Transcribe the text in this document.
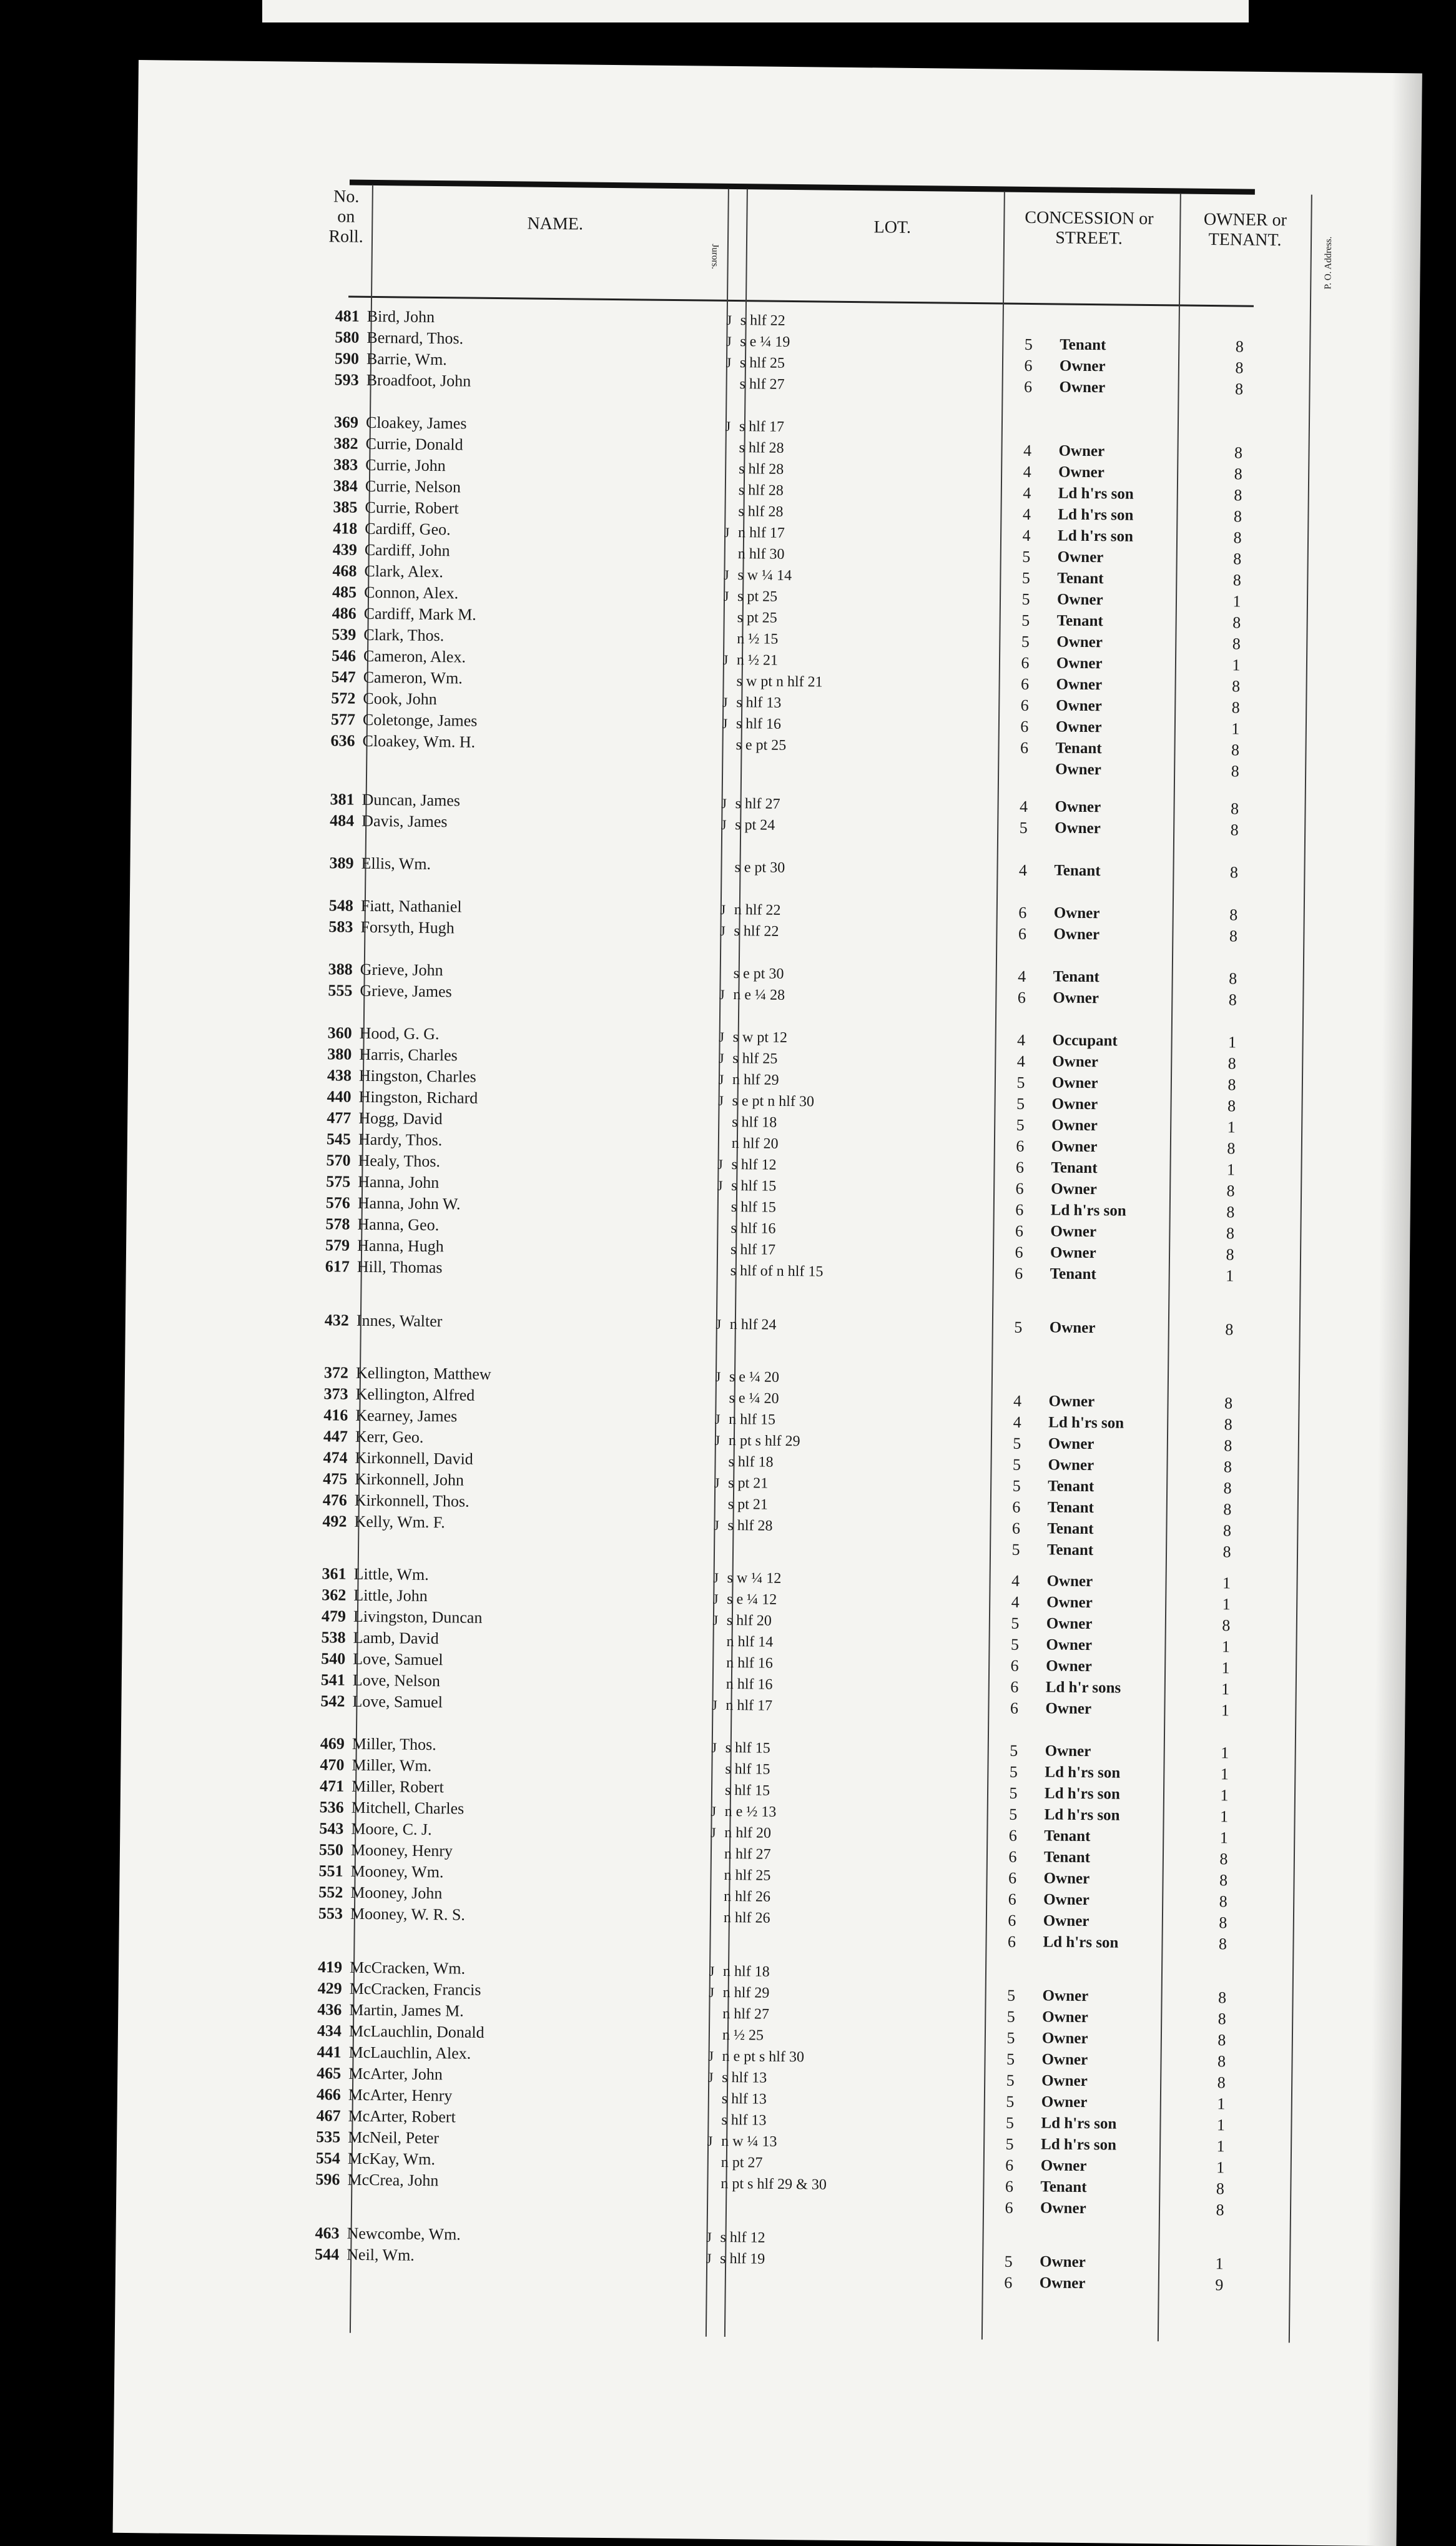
No. on Roll.
NAME.
Jurors.
LOT.	CONCESSION or STREET.
OWNER or TENANT.	P. O. Address.
481 Bird, John	J s hlf 22
580 Bernard, Thos.	J s e ¼ 19	5	Tenant	8
590 Barrie, Wm.	J s hlf 25	6	Owner	8
593 Broadfoot, John	s hlf 27	6	Owner	8
369 Cloakey, James	J s hlf 17
382 Currie, Donald	s hlf 28	4	Owner	8
383 Currie, John	s hlf 28	4	Owner	8
384 Currie, Nelson	s hlf 28	4	Ld h'rs son	8
385 Currie, Robert	s hlf 28	4	Ld h'rs son	8
418 Cardiff, Geo.	J n hlf 17	4	Ld h'rs son	8
439 Cardiff, John	n hlf 30	5	Owner	8
468 Clark, Alex.	J s w ¼ 14	5	Tenant	8
485 Connon, Alex.	J s pt 25	5	Owner	1
486 Cardiff, Mark M.	s pt 25	5	Tenant	8
539 Clark, Thos.	n ½ 15	5	Owner	8
546 Cameron, Alex.	J n ½ 21	6	Owner	1
547 Cameron, Wm.	s w pt n hlf 21	6	Owner	8
572 Cook, John	J s hlf 13	6	Owner	8
577 Coletonge, James	J s hlf 16	6	Owner	1
636 Cloakey, Wm. H.	s e pt 25	6	Tenant	8
Owner	8
381 Duncan, James	J s hlf 27	4	Owner	8
484 Davis, James	J s pt 24	5	Owner	8
389 Ellis, Wm.	s e pt 30	4	Tenant	8
548 Fiatt, Nathaniel	J n hlf 22	6	Owner	8
583 Forsyth, Hugh	J s hlf 22	6	Owner	8
388 Grieve, John	s e pt 30	4	Tenant	8
555 Grieve, James	J n e ¼ 28	6	Owner	8
360 Hood, G. G.	J s w pt 12	4	Occupant	1
380 Harris, Charles	J s hlf 25	4	Owner	8
438 Hingston, Charles	J n hlf 29	5	Owner	8
440 Hingston, Richard	J s e pt n hlf 30	5	Owner	8
477 Hogg, David	s hlf 18	5	Owner	1
545 Hardy, Thos.	n hlf 20	6	Owner	8
570 Healy, Thos.	J s hlf 12	6	Tenant	1
575 Hanna, John	J s hlf 15	6	Owner	8
576 Hanna, John W.	s hlf 15	6	Ld h'rs son	8
578 Hanna, Geo.	s hlf 16	6	Owner	8
579 Hanna, Hugh	s hlf 17	6	Owner	8
617 Hill, Thomas	s hlf of n hlf 15	6	Tenant	1
432 Innes, Walter	J n hlf 24	5	Owner	8
372 Kellington, Matthew	J s e ¼ 20
373 Kellington, Alfred	s e ¼ 20	4	Owner	8
416 Kearney, James	J n hlf 15	4	Ld h'rs son	8
447 Kerr, Geo.	J n pt s hlf 29	5	Owner	8
474 Kirkonnell, David	s hlf 18	5	Owner	8
475 Kirkonnell, John	J s pt 21	5	Tenant	8
476 Kirkonnell, Thos.	s pt 21	6	Tenant	8
492 Kelly, Wm. F.	J s hlf 28	6	Tenant	8
5	Tenant	8
361 Little, Wm.	J s w ¼ 12	4	Owner	1
362 Little, John	J s e ¼ 12	4	Owner	1
479 Livingston, Duncan	J s hlf 20	5	Owner	8
538 Lamb, David	n hlf 14	5	Owner	1
540 Love, Samuel	n hlf 16	6	Owner	1
541 Love, Nelson	n hlf 16	6	Ld h'r sons	1
542 Love, Samuel	J n hlf 17	6	Owner	1
469 Miller, Thos.	J s hlf 15	5	Owner	1
470 Miller, Wm.	s hlf 15	5	Ld h'rs son	1
471 Miller, Robert	s hlf 15	5	Ld h'rs son	1
536 Mitchell, Charles	J n e ½ 13	5	Ld h'rs son	1
543 Moore, C. J.	J n hlf 20	6	Tenant	1
550 Mooney, Henry	n hlf 27	6	Tenant	8
551 Mooney, Wm.	n hlf 25	6	Owner	8
552 Mooney, John	n hlf 26	6	Owner	8
553 Mooney, W. R. S.	n hlf 26	6	Owner	8
6	Ld h'rs son	8
419 McCracken, Wm.	J n hlf 18
429 McCracken, Francis	J n hlf 29	5	Owner	8
436 Martin, James M.	n hlf 27	5	Owner	8
434 McLauchlin, Donald	n ½ 25	5	Owner	8
441 McLauchlin, Alex.	J n e pt s hlf 30	5	Owner	8
465 McArter, John	J s hlf 13	5	Owner	8
466 McArter, Henry	s hlf 13	5	Owner	1
467 McArter, Robert	s hlf 13	5	Ld h'rs son	1
535 McNeil, Peter	J n w ¼ 13	5	Ld h'rs son	1
554 McKay, Wm.	n pt 27	6	Owner	1
596 McCrea, John	n pt s hlf 29 & 30	6	Tenant	8
6	Owner	8
463 Newcombe, Wm.	J s hlf 12
544 Neil, Wm.	J s hlf 19	5	Owner	1
6	Owner	9
